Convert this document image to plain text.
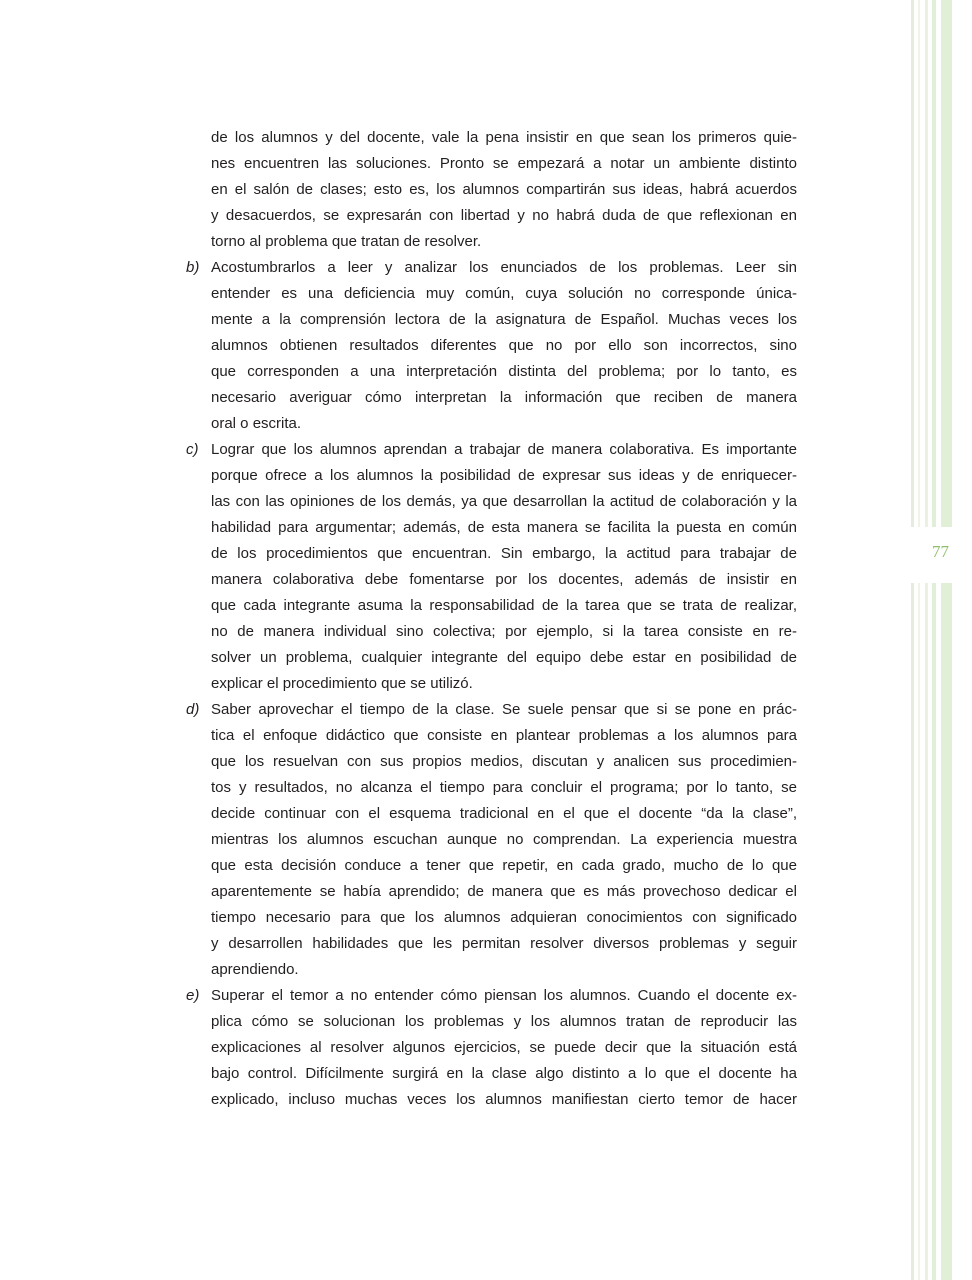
de los alumnos y del docente, vale la pena insistir en que sean los primeros quie-
nes encuentren las soluciones. Pronto se empezará a notar un ambiente distinto
en el salón de clases; esto es, los alumnos compartirán sus ideas, habrá acuerdos
y desacuerdos, se expresarán con libertad y no habrá duda de que reflexionan en
torno al problema que tratan de resolver.

b) Acostumbrarlos a leer y analizar los enunciados de los problemas. Leer sin
entender es una deficiencia muy común, cuya solución no corresponde única-
mente a la comprensión lectora de la asignatura de Español. Muchas veces los
alumnos obtienen resultados diferentes que no por ello son incorrectos, sino
que corresponden a una interpretación distinta del problema; por lo tanto, es
necesario averiguar cómo interpretan la información que reciben de manera
oral o escrita.

c) Lograr que los alumnos aprendan a trabajar de manera colaborativa. Es importante
porque ofrece a los alumnos la posibilidad de expresar sus ideas y de enriquecer-
las con las opiniones de los demás, ya que desarrollan la actitud de colaboración y la
habilidad para argumentar; además, de esta manera se facilita la puesta en común
de los procedimientos que encuentran. Sin embargo, la actitud para trabajar de
manera colaborativa debe fomentarse por los docentes, además de insistir en
que cada integrante asuma la responsabilidad de la tarea que se trata de realizar,
no de manera individual sino colectiva; por ejemplo, si la tarea consiste en re-
solver un problema, cualquier integrante del equipo debe estar en posibilidad de
explicar el procedimiento que se utilizó.

d) Saber aprovechar el tiempo de la clase. Se suele pensar que si se pone en prác-
tica el enfoque didáctico que consiste en plantear problemas a los alumnos para
que los resuelvan con sus propios medios, discutan y analicen sus procedimien-
tos y resultados, no alcanza el tiempo para concluir el programa; por lo tanto, se
decide continuar con el esquema tradicional en el que el docente “da la clase”,
mientras los alumnos escuchan aunque no comprendan. La experiencia muestra
que esta decisión conduce a tener que repetir, en cada grado, mucho de lo que
aparentemente se había aprendido; de manera que es más provechoso dedicar el
tiempo necesario para que los alumnos adquieran conocimientos con significado
y desarrollen habilidades que les permitan resolver diversos problemas y seguir
aprendiendo.

e) Superar el temor a no entender cómo piensan los alumnos. Cuando el docente ex-
plica cómo se solucionan los problemas y los alumnos tratan de reproducir las
explicaciones al resolver algunos ejercicios, se puede decir que la situación está
bajo control. Difícilmente surgirá en la clase algo distinto a lo que el docente ha
explicado, incluso muchas veces los alumnos manifiestan cierto temor de hacer

77
